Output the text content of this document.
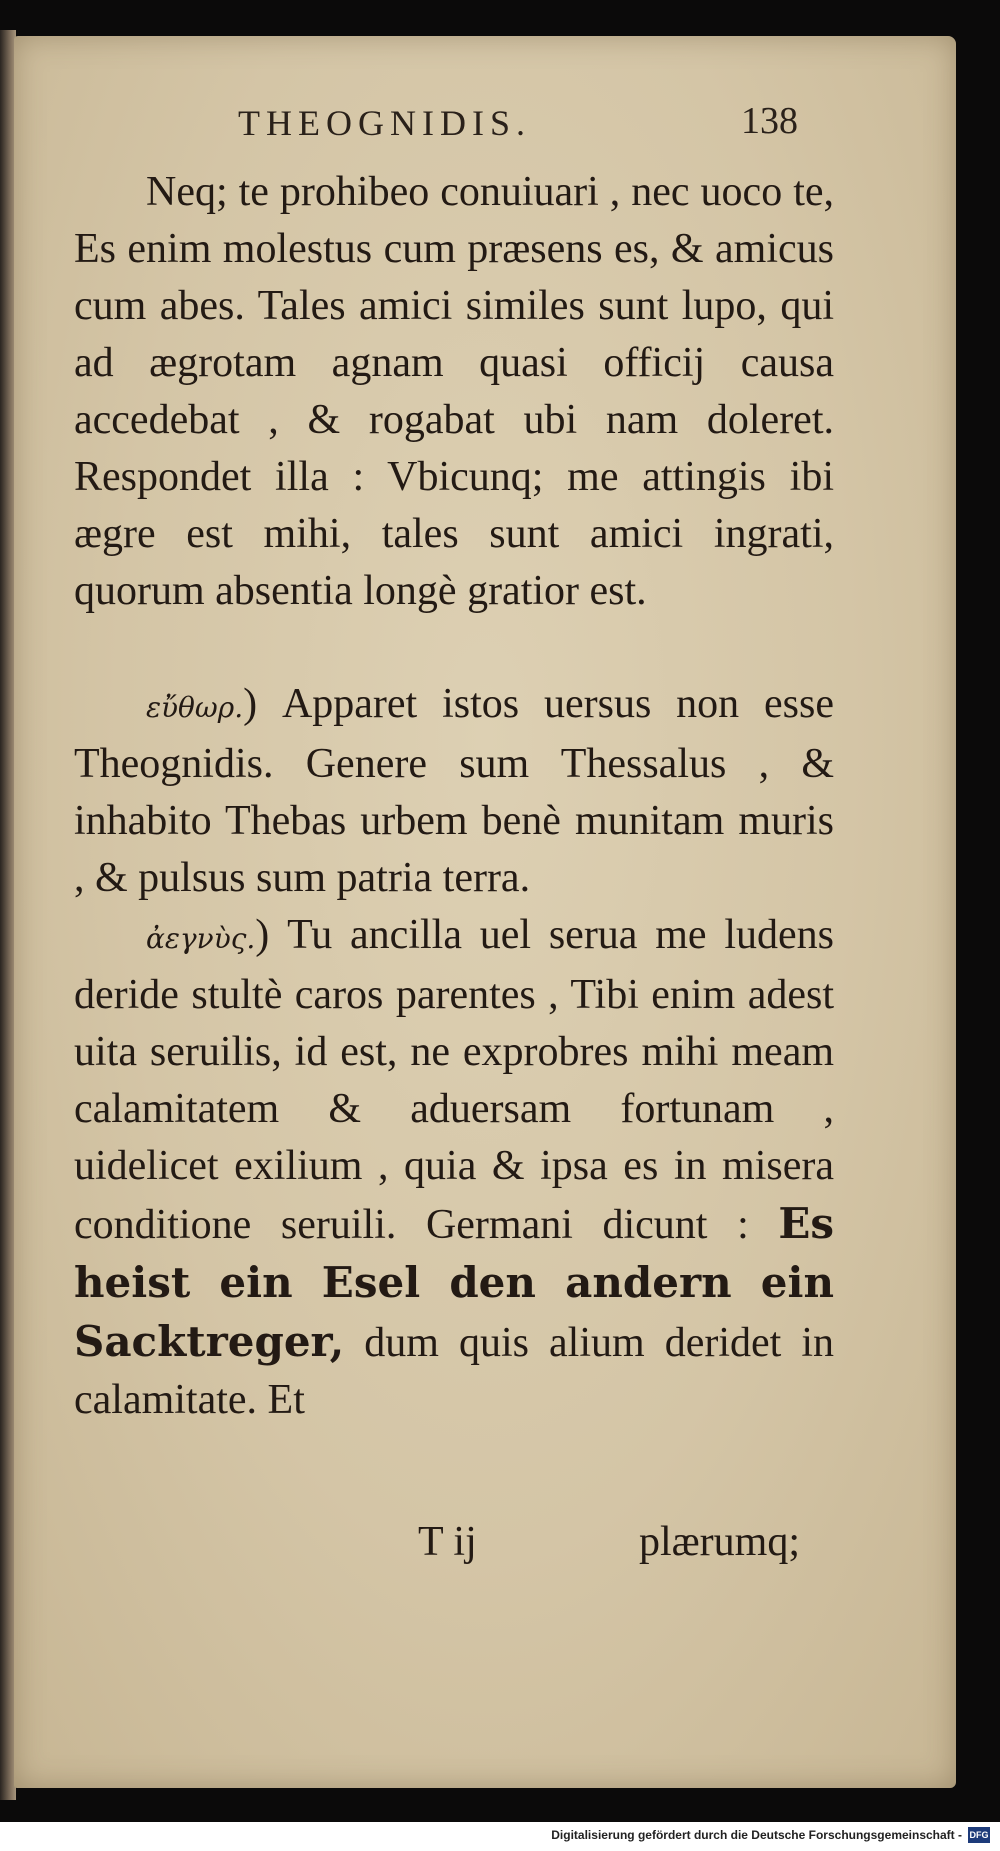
THEOGNIDIS.	138

Neq; te prohibeo conuiuari , nec uoco te, Es enim molestus cum præsens es, & amicus cum abes. Tales amici similes sunt lupo, qui ad ægrotam agnam quasi officij causa accedebat , & rogabat ubi nam doleret. Respondet illa : Vbicunq; me attingis ibi ægre est mihi, tales sunt amici ingrati, quorum absentia longè gratior est.

εὔθωρ.) Apparet istos uersus non esse Theognidis. Genere sum Thessalus , & inhabito Thebas urbem benè munitam muris , & pulsus sum patria terra.

ἀεγνὺς.) Tu ancilla uel serua me ludens deride stultè caros parentes , Tibi enim adest uita seruilis, id est, ne exprobres mihi meam calamitatem & aduersam fortunam , uidelicet exilium , quia & ipsa es in misera conditione seruili. Germani dicunt : Es heist ein Esel den andern ein Sacktreger, dum quis alium deridet in calamitate. Et

T ij	plærumq;
Digitalisierung gefördert durch die Deutsche Forschungsgemeinschaft - DFG
